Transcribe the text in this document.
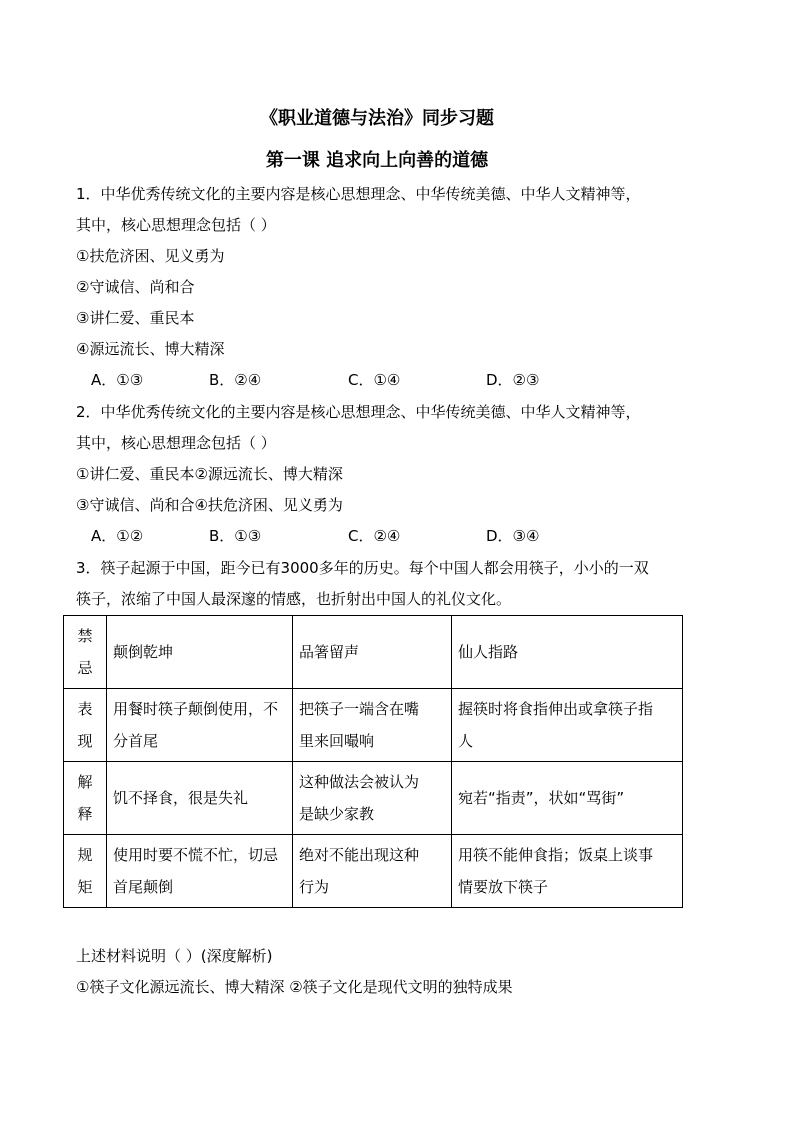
《职业道德与法治》同步习题
第一课 追求向上向善的道德
1．中华优秀传统文化的主要内容是核心思想理念、中华传统美德、中华人文精神等，
其中，核心思想理念包括（ ）
①扶危济困、见义勇为
②守诚信、尚和合
③讲仁爱、重民本
④源远流长、博大精深
A．①③	B．②④	C．①④	D．②③
2．中华优秀传统文化的主要内容是核心思想理念、中华传统美德、中华人文精神等，
其中，核心思想理念包括（ ）
①讲仁爱、重民本②源远流长、博大精深
③守诚信、尚和合④扶危济困、见义勇为
A．①②	B．①③	C．②④	D．③④
3．筷子起源于中国，距今已有3000多年的历史。每个中国人都会用筷子，小小的一双
筷子，浓缩了中国人最深邃的情感，也折射出中国人的礼仪文化。
禁
忌	颠倒乾坤	品箸留声	仙人指路
表
现	用餐时筷子颠倒使用，不
分首尾	把筷子一端含在嘴
里来回嘬响	握筷时将食指伸出或拿筷子指
人
解
释	饥不择食，很是失礼	这种做法会被认为
是缺少家教	宛若“指责”，状如“骂街”
规
矩	使用时要不慌不忙，切忌
首尾颠倒	绝对不能出现这种
行为	用筷不能伸食指；饭桌上谈事
情要放下筷子
上述材料说明（ ）(深度解析)
①筷子文化源远流长、博大精深 ②筷子文化是现代文明的独特成果
